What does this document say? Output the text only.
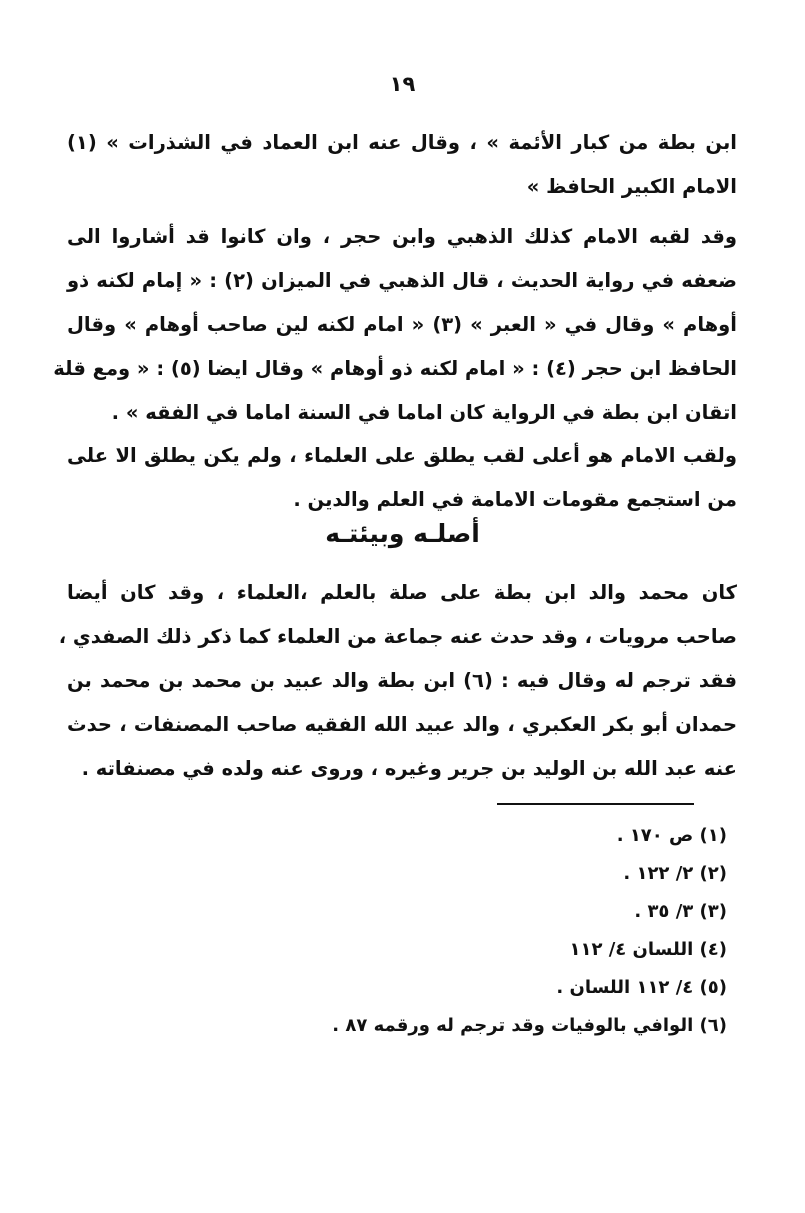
١٩
ابن بطة من كبار الأئمة » ، وقال عنه ابن العماد في الشذرات » (١)
الامام الكبير الحافظ »
وقد لقبه الامام كذلك الذهبي وابن حجر ، وان كانوا قد أشاروا الى
ضعفه في رواية الحديث ، قال الذهبي في الميزان (٢) : « إمام لكنه ذو
أوهام » وقال في « العبر » (٣) « امام لكنه لين صاحب أوهام » وقال
الحافظ ابن حجر (٤) : « امام لكنه ذو أوهام » وقال ايضا (٥) : « ومع قلة
اتقان ابن بطة في الرواية كان اماما في السنة اماما في الفقه » .
ولقب الامام هو أعلى لقب يطلق على العلماء ، ولم يكن يطلق الا على
من استجمع مقومات الامامة في العلم والدين .
أصلـه وبيئتـه
كان محمد والد ابن بطة على صلة بالعلم ،العلماء ، وقد كان أيضا
صاحب مرويات ، وقد حدث عنه جماعة من العلماء كما ذكر ذلك الصفدي ،
فقد ترجم له وقال فيه : (٦) ابن بطة والد عبيد بن محمد بن محمد بن
حمدان أبو بكر العكبري ، والد عبيد الله الفقيه صاحب المصنفات ، حدث
عنه عبد الله بن الوليد بن جرير وغيره ، وروى عنه ولده في مصنفاته .
(١) ص ١٧٠ .
(٢) ٢/ ١٢٢ .
(٣) ٣/ ٣٥ .
(٤) اللسان ٤/ ١١٢
(٥) ٤/ ١١٢ اللسان .
(٦) الوافي بالوفيات وقد ترجم له ورقمه ٨٧ .
